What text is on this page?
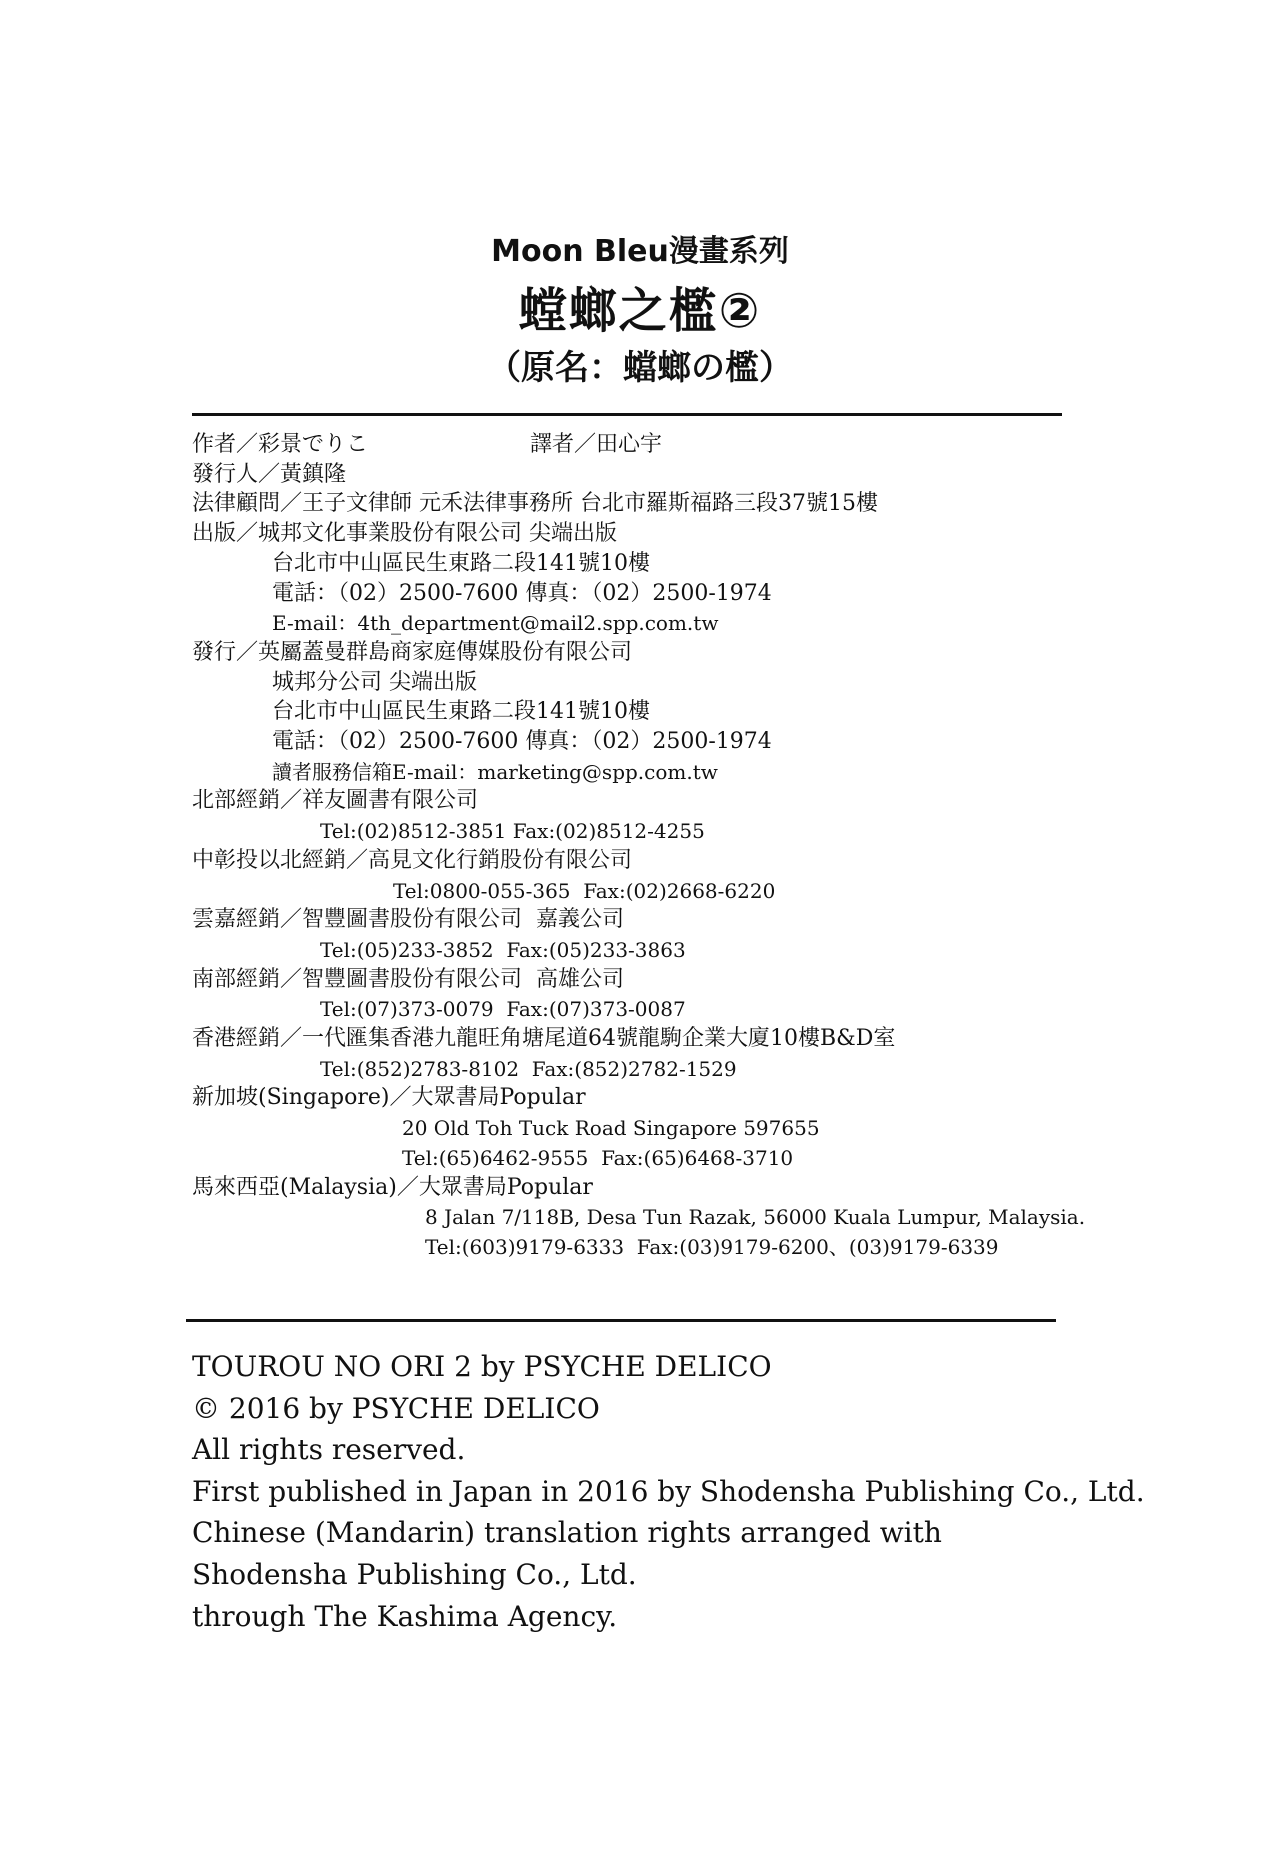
Moon Bleu漫畫系列
螳螂之檻②
（原名：蟷螂の檻）
作者／彩景でりこ
發行人／黃鎮隆
法律顧問／王子文律師 元禾法律事務所 台北市羅斯福路三段37號15樓
出版／城邦文化事業股份有限公司 尖端出版
台北市中山區民生東路二段141號10樓
電話：（02）2500-7600 傳真：（02）2500-1974
E-mail：4th_department@mail2.spp.com.tw
發行／英屬蓋曼群島商家庭傳媒股份有限公司
城邦分公司 尖端出版
台北市中山區民生東路二段141號10樓
電話：（02）2500-7600 傳真：（02）2500-1974
讀者服務信箱E-mail：marketing@spp.com.tw
北部經銷／祥友圖書有限公司
Tel:(02)8512-3851 Fax:(02)8512-4255
中彰投以北經銷／高見文化行銷股份有限公司
Tel:0800-055-365  Fax:(02)2668-6220
雲嘉經銷／智豐圖書股份有限公司  嘉義公司
Tel:(05)233-3852  Fax:(05)233-3863
南部經銷／智豐圖書股份有限公司  高雄公司
Tel:(07)373-0079  Fax:(07)373-0087
香港經銷／一代匯集香港九龍旺角塘尾道64號龍駒企業大廈10樓B&D室
Tel:(852)2783-8102  Fax:(852)2782-1529
新加坡(Singapore)／大眾書局Popular
20 Old Toh Tuck Road Singapore 597655
Tel:(65)6462-9555  Fax:(65)6468-3710
馬來西亞(Malaysia)／大眾書局Popular
8 Jalan 7/118B, Desa Tun Razak, 56000 Kuala Lumpur, Malaysia.
Tel:(603)9179-6333  Fax:(03)9179-6200、(03)9179-6339
譯者／田心宇
TOUROU NO ORI 2 by PSYCHE DELICO
© 2016 by PSYCHE DELICO
All rights reserved.
First published in Japan in 2016 by Shodensha Publishing Co., Ltd.
Chinese (Mandarin) translation rights arranged with
Shodensha Publishing Co., Ltd.
through The Kashima Agency.
